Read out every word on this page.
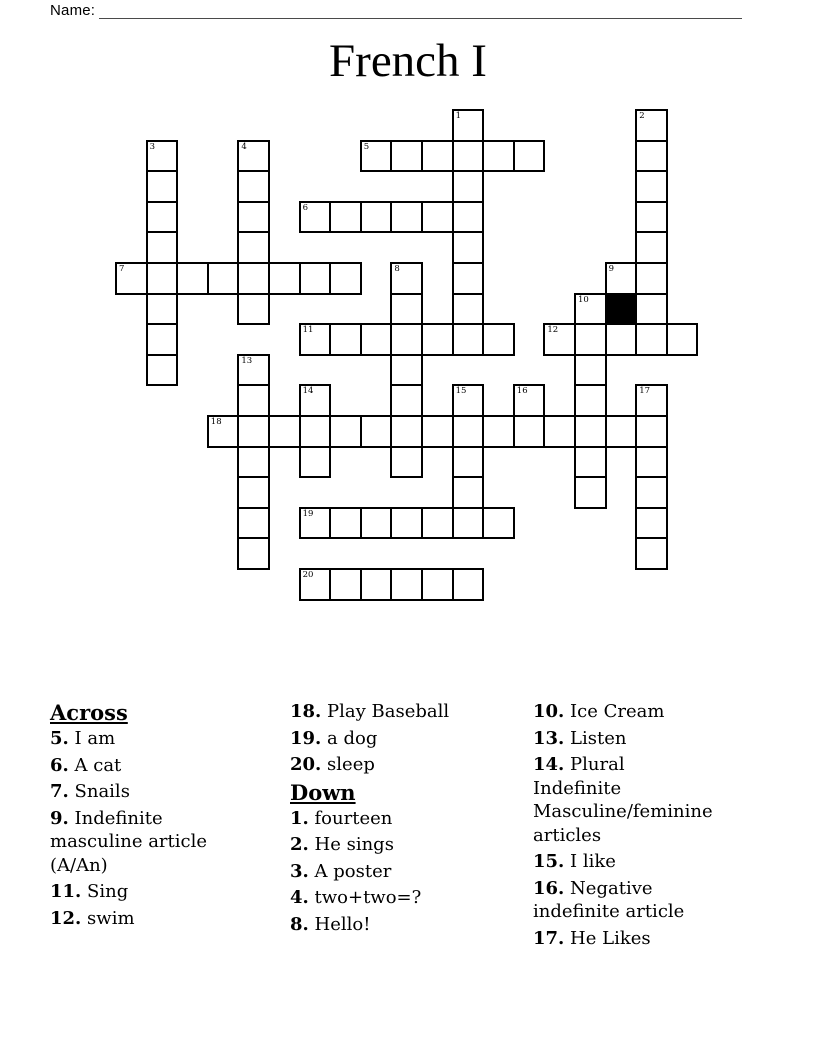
Name:
French I
1	2
3	4	5
6
7	8	9
10
11	12
13
14	15	16	17
18
19
20
Across
5. I am
6. A cat
7. Snails
9. Indefinite
masculine article
(A/An)
11. Sing
12. swim
18. Play Baseball
19. a dog
20. sleep
Down
1. fourteen
2. He sings
3. A poster
4. two+two=?
8. Hello!
10. Ice Cream
13. Listen
14. Plural
Indefinite
Masculine/feminine
articles
15. I like
16. Negative
indefinite article
17. He Likes
